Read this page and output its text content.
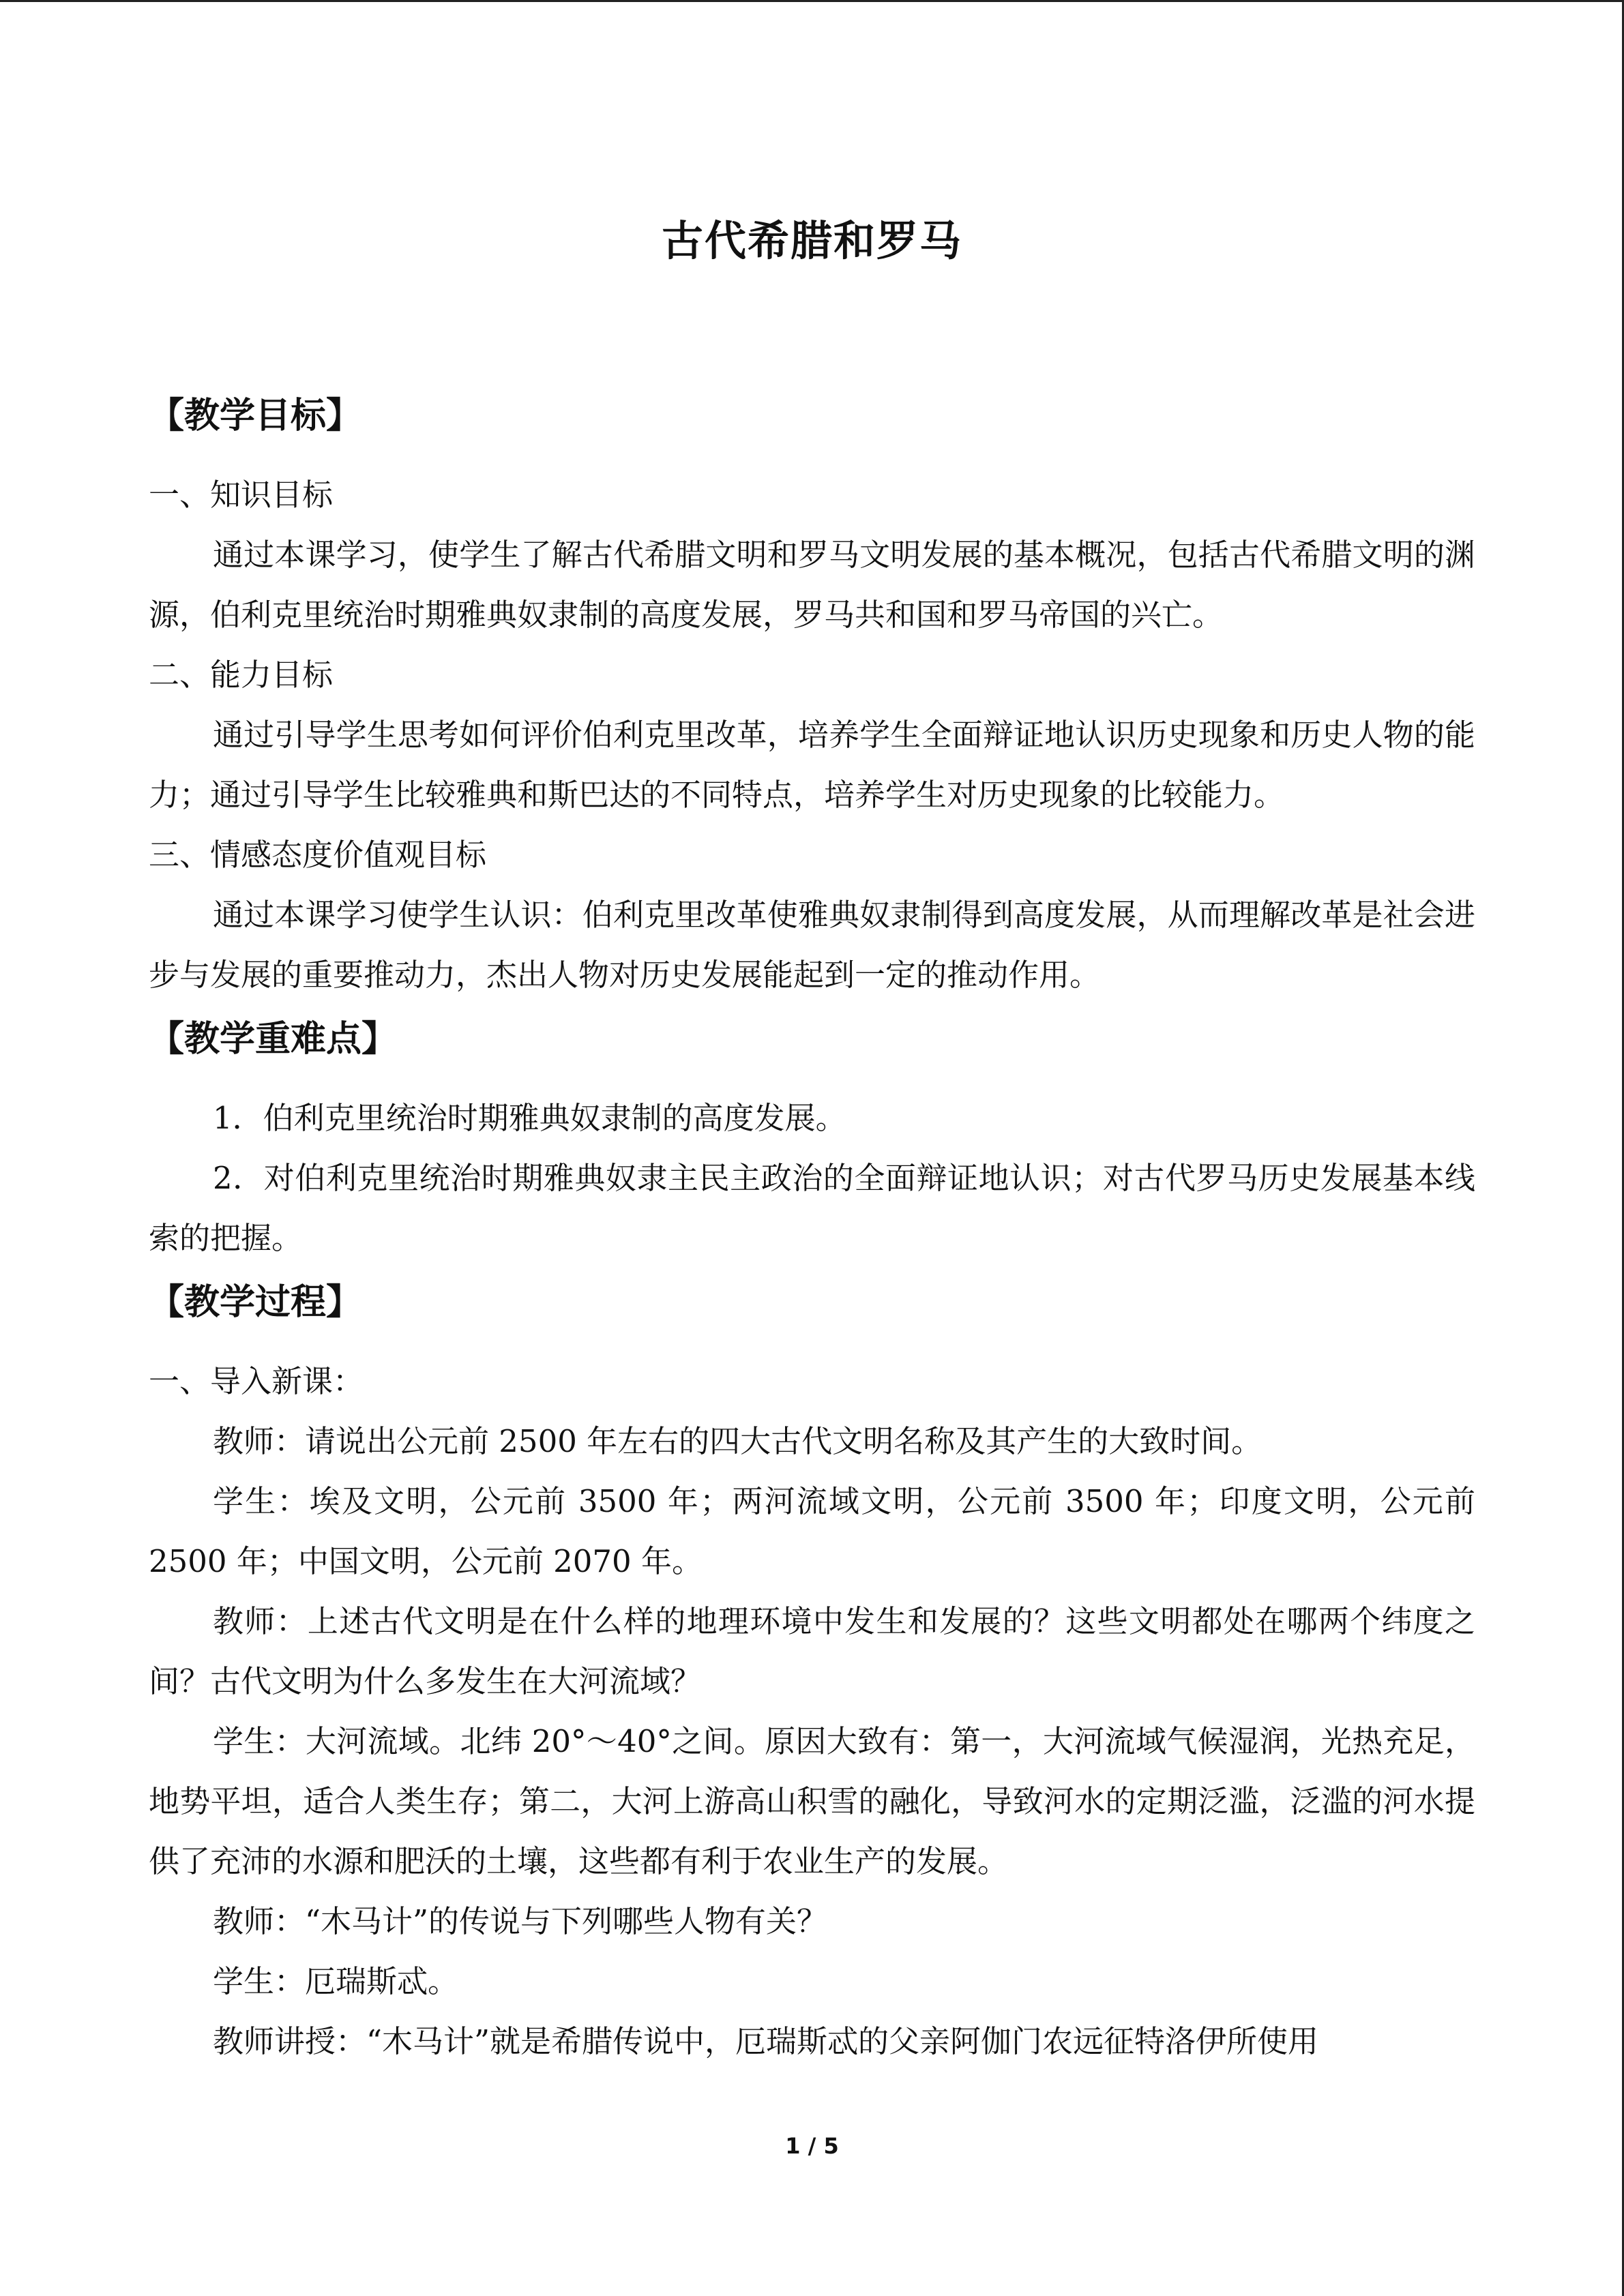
古代希腊和罗马
【教学目标】

一、知识目标

通过本课学习，使学生了解古代希腊文明和罗马文明发展的基本概况，包括古代希腊文明的渊源，伯利克里统治时期雅典奴隶制的高度发展，罗马共和国和罗马帝国的兴亡。

二、能力目标

通过引导学生思考如何评价伯利克里改革，培养学生全面辩证地认识历史现象和历史人物的能力；通过引导学生比较雅典和斯巴达的不同特点，培养学生对历史现象的比较能力。

三、情感态度价值观目标

通过本课学习使学生认识：伯利克里改革使雅典奴隶制得到高度发展，从而理解改革是社会进步与发展的重要推动力，杰出人物对历史发展能起到一定的推动作用。

【教学重难点】

1．伯利克里统治时期雅典奴隶制的高度发展。

2．对伯利克里统治时期雅典奴隶主民主政治的全面辩证地认识；对古代罗马历史发展基本线索的把握。

【教学过程】

一、导入新课：

教师：请说出公元前 2500 年左右的四大古代文明名称及其产生的大致时间。

学生：埃及文明，公元前 3500 年；两河流域文明，公元前 3500 年；印度文明，公元前 2500 年；中国文明，公元前 2070 年。

教师：上述古代文明是在什么样的地理环境中发生和发展的？这些文明都处在哪两个纬度之间？古代文明为什么多发生在大河流域？

学生：大河流域。北纬 20°～40°之间。原因大致有：第一，大河流域气候湿润，光热充足，地势平坦，适合人类生存；第二，大河上游高山积雪的融化，导致河水的定期泛滥，泛滥的河水提供了充沛的水源和肥沃的土壤，这些都有利于农业生产的发展。

教师：“木马计”的传说与下列哪些人物有关？

学生：厄瑞斯忒。

教师讲授：“木马计”就是希腊传说中，厄瑞斯忒的父亲阿伽门农远征特洛伊所使用

1 / 5
